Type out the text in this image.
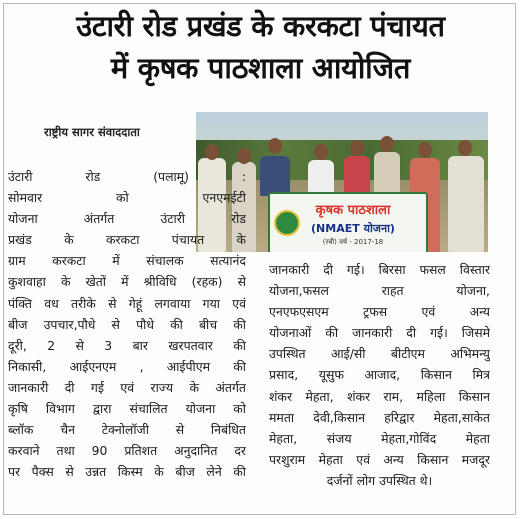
उंटारी रोड प्रखंड के करकटा पंचायत
में कृषक पाठशाला आयोजित
राष्ट्रीय सागर संवाददाता
कृषक पाठशाला
(NMAET योजना)
(रबी) वर्ष - 2017-18
उंटारी रोड (पलामू) :
सोमवार को एनएमईटी
योजना अंतर्गत उंटारी रोड
प्रखंड के करकटा पंचायत के
ग्राम करकटा में संचालक सत्यानंद
कुशवाहा के खेतों में श्रीविधि (रहक) से
पंक्ति वध तरीके से गेहूं लगवाया गया एवं
बीज उपचार,पौधे से पौधे की बीच की
दूरी, 2 से 3 बार खरपतवार की
निकासी, आईएनएम , आईपीएम की
जानकारी दी गई एवं राज्य के अंतर्गत
कृषि विभाग द्वारा संचालित योजना को
ब्लॉक चैन टेक्नोलॉजी से निबंधित
करवाने तथा 90 प्रतिशत अनुदानित दर
पर पैक्स से उन्नत किस्म के बीज लेने की
जानकारी दी गई। बिरसा फसल विस्तार
योजना,फसल राहत योजना,
एनएफएसएम ट्रफस एवं अन्य
योजनाओं की जानकारी दी गई। जिसमे
उपस्थित आई/सी बीटीएम अभिमन्यु
प्रसाद, यूसुफ आजाद, किसान मित्र
शंकर मेहता, शंकर राम, महिला किसान
ममता देवी,किसान हरिद्वार मेहता,साकेत
मेहता, संजय मेहता,गोविंद मेहता
परशुराम मेहता एवं अन्य किसान मजदूर
दर्जनों लोग उपस्थित थे।
